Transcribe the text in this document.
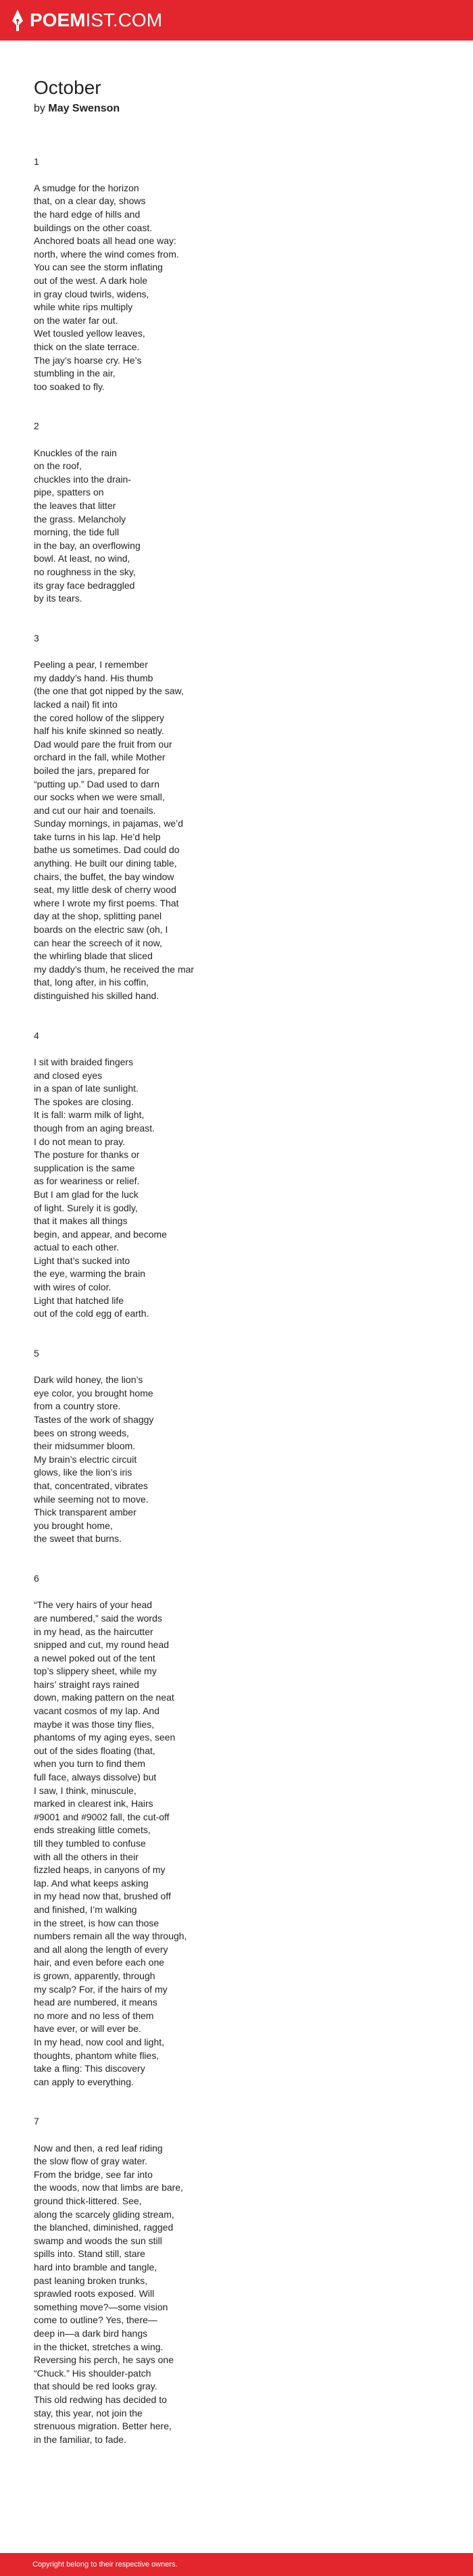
POEMIST.COM
October
by May Swenson

1
A smudge for the horizon
that, on a clear day, shows
the hard edge of hills and
buildings on the other coast.
Anchored boats all head one way:
north, where the wind comes from.
You can see the storm inflating
out of the west. A dark hole
in gray cloud twirls, widens,
while white rips multiply
on the water far out.
Wet tousled yellow leaves,
thick on the slate terrace.
The jay’s hoarse cry. He’s
stumbling in the air,
too soaked to fly.

2
Knuckles of the rain
on the roof,
chuckles into the drain-
pipe, spatters on
the leaves that litter
the grass. Melancholy
morning, the tide full
in the bay, an overflowing
bowl. At least, no wind,
no roughness in the sky,
its gray face bedraggled
by its tears.

3
Peeling a pear, I remember
my daddy’s hand. His thumb
(the one that got nipped by the saw,
lacked a nail) fit into
the cored hollow of the slippery
half his knife skinned so neatly.
Dad would pare the fruit from our
orchard in the fall, while Mother
boiled the jars, prepared for
“putting up.” Dad used to darn
our socks when we were small,
and cut our hair and toenails.
Sunday mornings, in pajamas, we’d
take turns in his lap. He’d help
bathe us sometimes. Dad could do
anything. He built our dining table,
chairs, the buffet, the bay window
seat, my little desk of cherry wood
where I wrote my first poems. That
day at the shop, splitting panel
boards on the electric saw (oh, I
can hear the screech of it now,
the whirling blade that sliced
my daddy’s thum, he received the mar
that, long after, in his coffin,
distinguished his skilled hand.

4
I sit with braided fingers
and closed eyes
in a span of late sunlight.
The spokes are closing.
It is fall: warm milk of light,
though from an aging breast.
I do not mean to pray.
The posture for thanks or
supplication is the same
as for weariness or relief.
But I am glad for the luck
of light. Surely it is godly,
that it makes all things
begin, and appear, and become
actual to each other.
Light that’s sucked into
the eye, warming the brain
with wires of color.
Light that hatched life
out of the cold egg of earth.

5
Dark wild honey, the lion’s
eye color, you brought home
from a country store.
Tastes of the work of shaggy
bees on strong weeds,
their midsummer bloom.
My brain’s electric circuit
glows, like the lion’s iris
that, concentrated, vibrates
while seeming not to move.
Thick transparent amber
you brought home,
the sweet that burns.

6
“The very hairs of your head
are numbered,” said the words
in my head, as the haircutter
snipped and cut, my round head
a newel poked out of the tent
top’s slippery sheet, while my
hairs’ straight rays rained
down, making pattern on the neat
vacant cosmos of my lap. And
maybe it was those tiny flies,
phantoms of my aging eyes, seen
out of the sides floating (that,
when you turn to find them
full face, always dissolve) but
I saw, I think, minuscule,
marked in clearest ink, Hairs
#9001 and #9002 fall, the cut-off
ends streaking little comets,
till they tumbled to confuse
with all the others in their
fizzled heaps, in canyons of my
lap. And what keeps asking
in my head now that, brushed off
and finished, I’m walking
in the street, is how can those
numbers remain all the way through,
and all along the length of every
hair, and even before each one
is grown, apparently, through
my scalp? For, if the hairs of my
head are numbered, it means
no more and no less of them
have ever, or will ever be.
In my head, now cool and light,
thoughts, phantom white flies,
take a fling: This discovery
can apply to everything.

7
Now and then, a red leaf riding
the slow flow of gray water.
From the bridge, see far into
the woods, now that limbs are bare,
ground thick-littered. See,
along the scarcely gliding stream,
the blanched, diminished, ragged
swamp and woods the sun still
spills into. Stand still, stare
hard into bramble and tangle,
past leaning broken trunks,
sprawled roots exposed. Will
something move?—some vision
come to outline? Yes, there—
deep in—a dark bird hangs
in the thicket, stretches a wing.
Reversing his perch, he says one
“Chuck.” His shoulder-patch
that should be red looks gray.
This old redwing has decided to
stay, this year, not join the
strenuous migration. Better here,
in the familiar, to fade.

Copyright belong to their respective owners.
